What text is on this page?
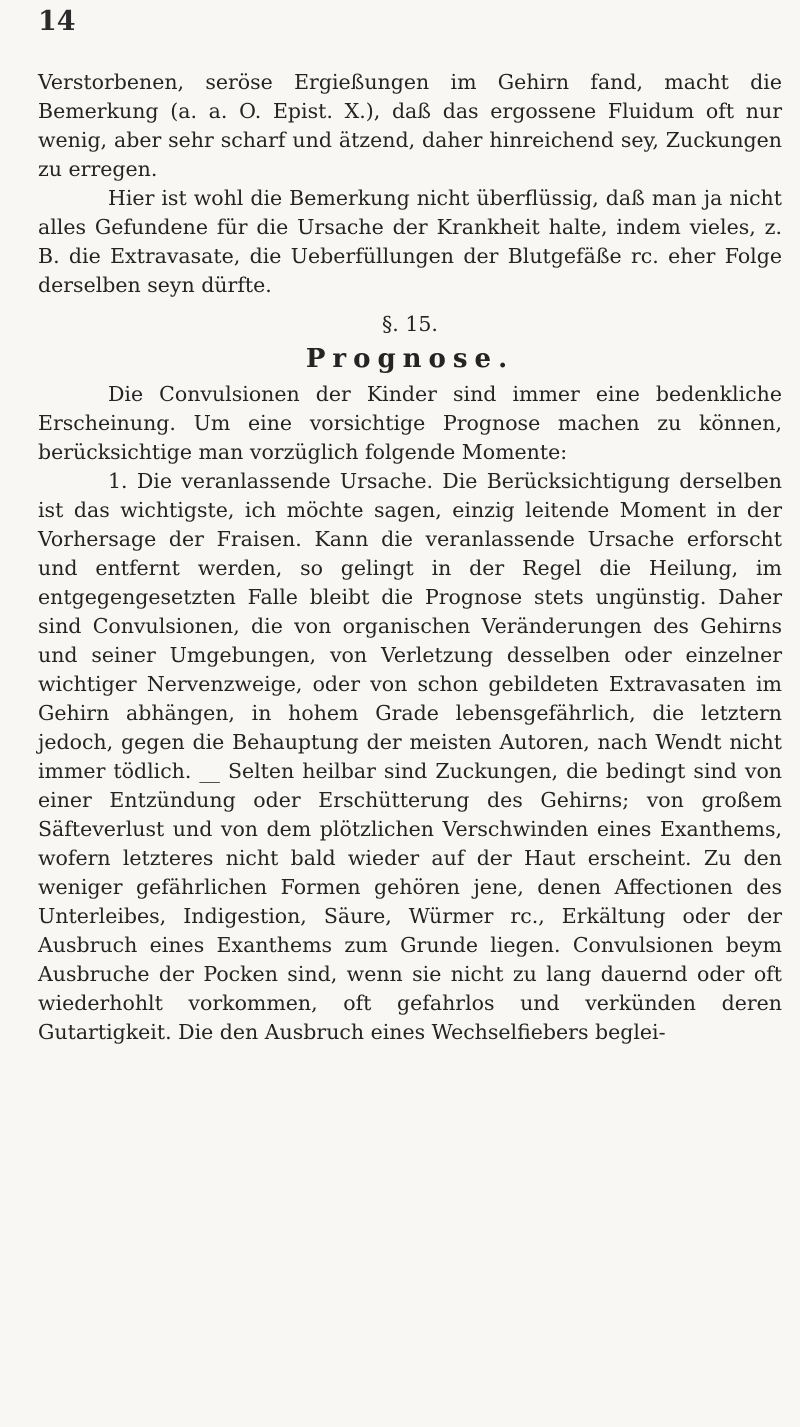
14

Verstorbenen, seröse Ergießungen im Gehirn fand, macht die Bemerkung (a. a. O. Epist. X.), daß das ergossene Fluidum oft nur wenig, aber sehr scharf und ätzend, daher hinreichend sey, Zuckungen zu erregen.

Hier ist wohl die Bemerkung nicht überflüssig, daß man ja nicht alles Gefundene für die Ursache der Krankheit halte, indem vieles, z. B. die Extravasate, die Ueberfüllungen der Blutgefäße rc. eher Folge derselben seyn dürfte.

§. 15.

Prognose.

Die Convulsionen der Kinder sind immer eine bedenkliche Erscheinung. Um eine vorsichtige Prognose machen zu können, berücksichtige man vorzüglich folgende Momente:

1. Die veranlassende Ursache. Die Berücksichtigung derselben ist das wichtigste, ich möchte sagen, einzig leitende Moment in der Vorhersage der Fraisen. Kann die veranlassende Ursache erforscht und entfernt werden, so gelingt in der Regel die Heilung, im entgegengesetzten Falle bleibt die Prognose stets ungünstig. Daher sind Convulsionen, die von organischen Veränderungen des Gehirns und seiner Umgebungen, von Verletzung desselben oder einzelner wichtiger Nervenzweige, oder von schon gebildeten Extravasaten im Gehirn abhängen, in hohem Grade lebensgefährlich, die letztern jedoch, gegen die Behauptung der meisten Autoren, nach Wendt nicht immer tödlich. __ Selten heilbar sind Zuckungen, die bedingt sind von einer Entzündung oder Erschütterung des Gehirns; von großem Säfteverlust und von dem plötzlichen Verschwinden eines Exanthems, wofern letzteres nicht bald wieder auf der Haut erscheint. Zu den weniger gefährlichen Formen gehören jene, denen Affectionen des Unterleibes, Indigestion, Säure, Würmer rc., Erkältung oder der Ausbruch eines Exanthems zum Grunde liegen. Convulsionen beym Ausbruche der Pocken sind, wenn sie nicht zu lang dauernd oder oft wiederhohlt vorkommen, oft gefahrlos und verkünden deren Gutartigkeit. Die den Ausbruch eines Wechselfiebers beglei-
